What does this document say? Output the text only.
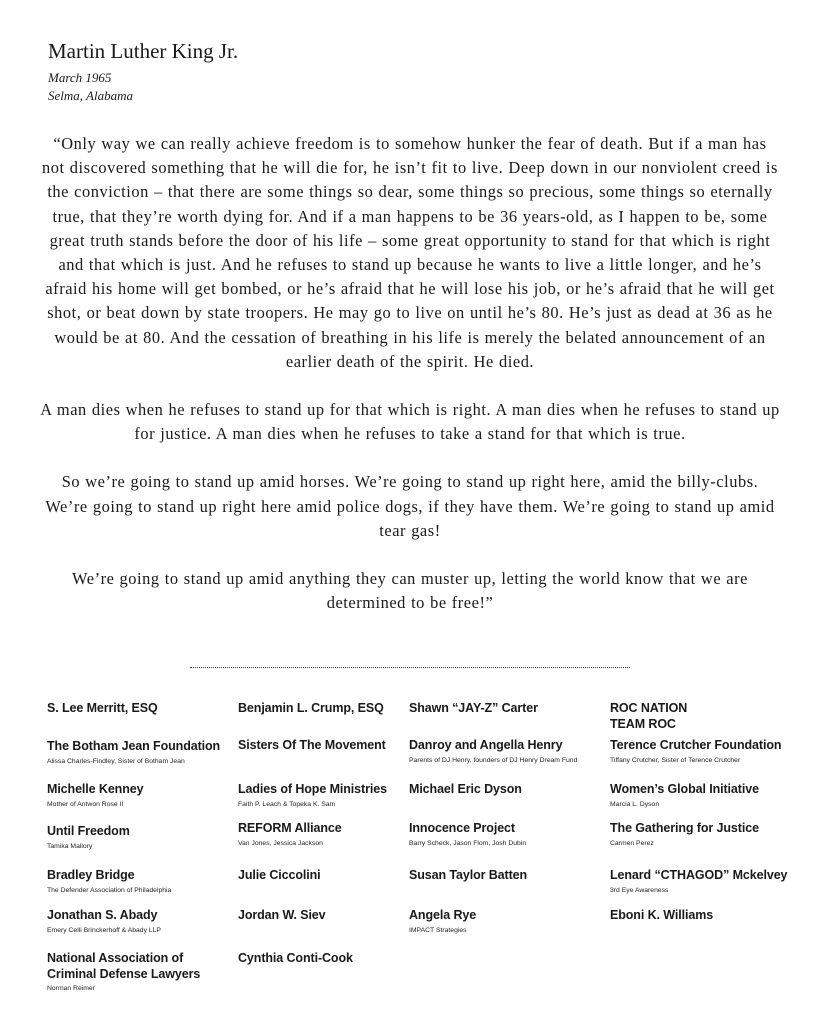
Martin Luther King Jr.
March 1965
Selma, Alabama

“Only way we can really achieve freedom is to somehow hunker the fear of death. But if a man has not discovered something that he will die for, he isn’t fit to live. Deep down in our nonviolent creed is the conviction – that there are some things so dear, some things so precious, some things so eternally true, that they’re worth dying for. And if a man happens to be 36 years-old, as I happen to be, some great truth stands before the door of his life – some great opportunity to stand for that which is right and that which is just. And he refuses to stand up because he wants to live a little longer, and he’s afraid his home will get bombed, or he’s afraid that he will lose his job, or he’s afraid that he will get shot, or beat down by state troopers. He may go to live on until he’s 80. He’s just as dead at 36 as he would be at 80. And the cessation of breathing in his life is merely the belated announcement of an earlier death of the spirit. He died.

A man dies when he refuses to stand up for that which is right. A man dies when he refuses to stand up for justice. A man dies when he refuses to take a stand for that which is true.

So we’re going to stand up amid horses. We’re going to stand up right here, amid the billy-clubs. We’re going to stand up right here amid police dogs, if they have them. We’re going to stand up amid tear gas!

We’re going to stand up amid anything they can muster up, letting the world know that we are determined to be free!”

S. Lee Merritt, ESQ
The Botham Jean Foundation
Alissa Charles-Findley, Sister of Botham Jean
Michelle Kenney
Mother of Antwon Rose II
Until Freedom
Tamika Mallory
Bradley Bridge
The Defender Association of Philadelphia
Jonathan S. Abady
Emery Celli Brinckerhoff & Abady LLP
National Association of Criminal Defense Lawyers
Norman Reimer
Benjamin L. Crump, ESQ
Sisters Of The Movement
Ladies of Hope Ministries
Faith P. Leach & Topeka K. Sam
REFORM Alliance
Van Jones, Jessica Jackson
Julie Ciccolini
Jordan W. Siev
Cynthia Conti-Cook
Shawn “JAY-Z” Carter
Danroy and Angella Henry
Parents of DJ Henry, founders of DJ Henry Dream Fund
Michael Eric Dyson
Innocence Project
Barry Scheck, Jason Flom, Josh Dubin
Susan Taylor Batten
Angela Rye
IMPACT Strategies
ROC NATION TEAM ROC
Terence Crutcher Foundation
Tiffany Crutcher, Sister of Terence Crutcher
Women’s Global Initiative
Marcia L. Dyson
The Gathering for Justice
Carmen Perez
Lenard “CTHAGOD” Mckelvey
3rd Eye Awareness
Eboni K. Williams
